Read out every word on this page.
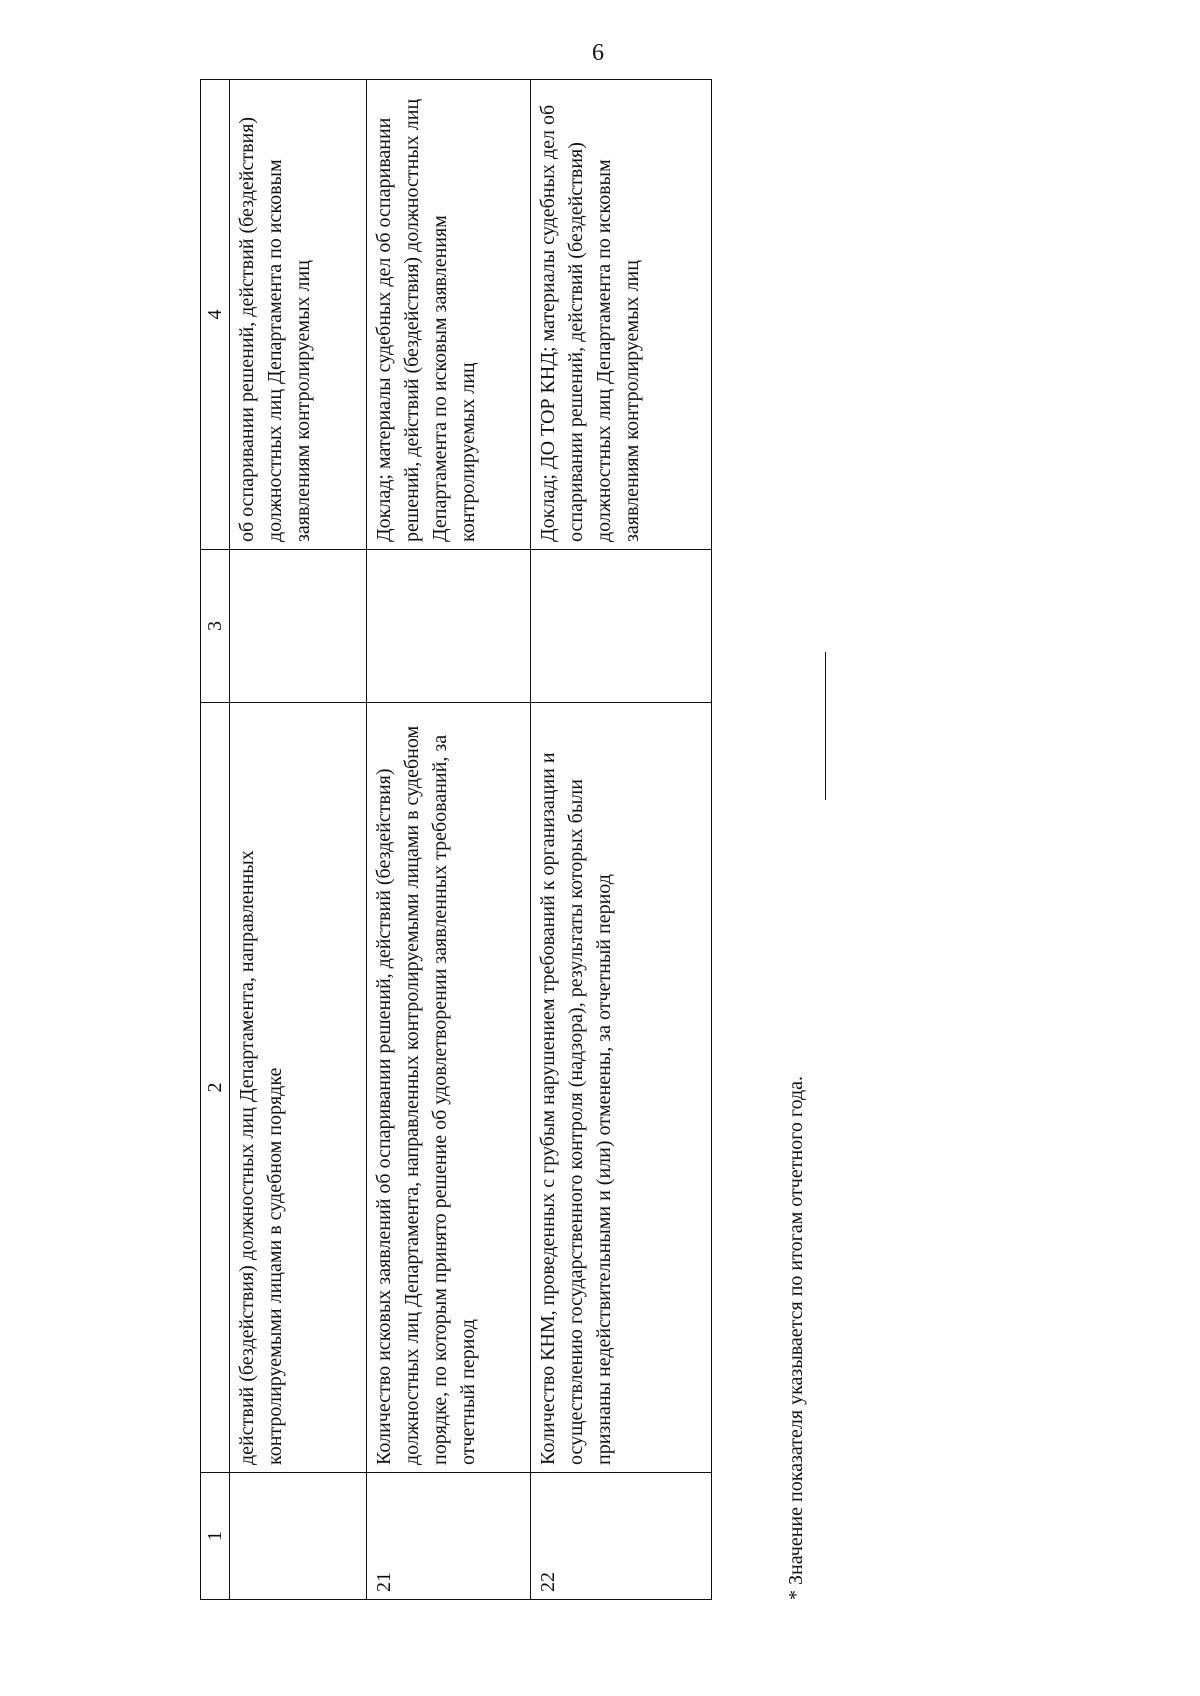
6
1	2	3	4
	действий (бездействия) должностных лиц Департамента, направленных контролируемыми лицами в судебном порядке		об оспаривании решений, действий (бездействия) должностных лиц Департамента по исковым заявлениям контролируемых лиц
21	Количество исковых заявлений об оспаривании решений, действий (бездействия) должностных лиц Департамента, направленных контролируемыми лицами в судебном порядке, по которым принято решение об удовлетворении заявленных требований, за отчетный период		Доклад; материалы судебных дел об оспаривании решений, действий (бездействия) должностных лиц Департамента по исковым заявлениям контролируемых лиц
22	Количество КНМ, проведенных с грубым нарушением требований к организации и осуществлению государственного контроля (надзора), результаты которых были признаны недействительными и (или) отменены, за отчетный период		Доклад; ДО ТОР КНД; материалы судебных дел об оспаривании решений, действий (бездействия) должностных лиц Департамента по исковым заявлениям контролируемых лиц
* Значение показателя указывается по итогам отчетного года.
